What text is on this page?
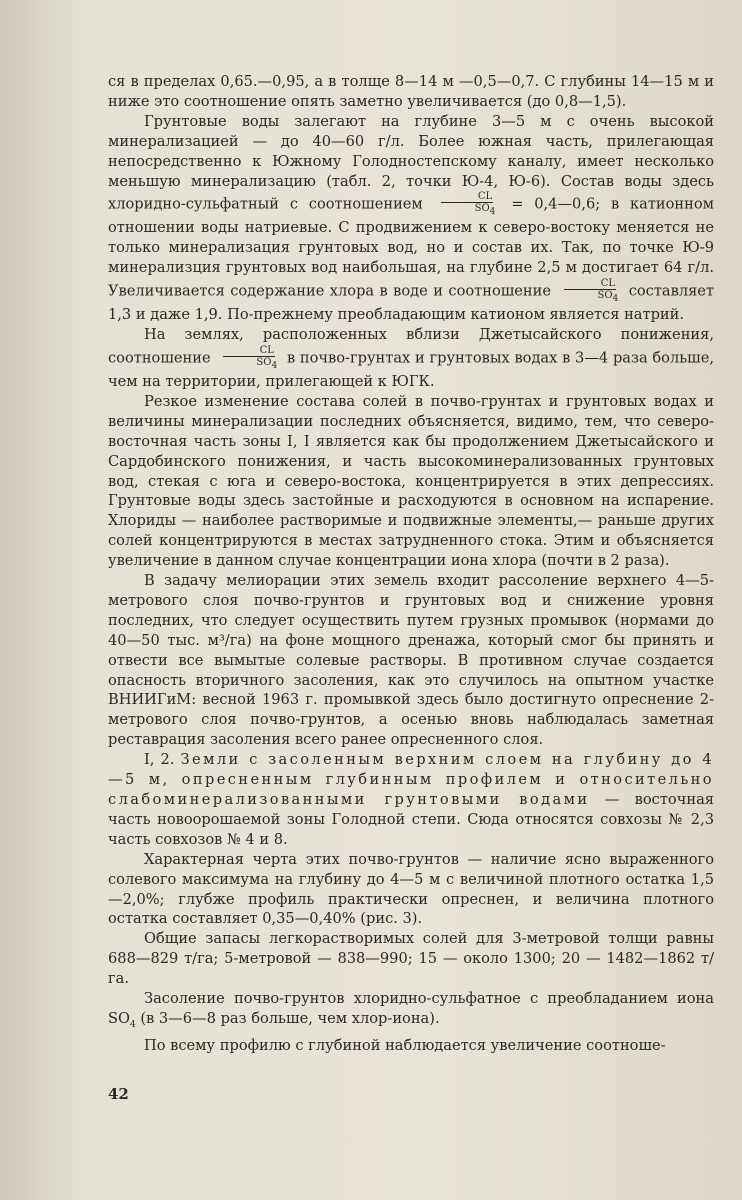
ся в пределах 0,65.—0,95, а в толще 8—14 м —0,5—0,7. С глубины 14—15 м и ниже это соотношение опять заметно увеличивается (до 0,8—1,5).

Грунтовые воды залегают на глубине 3—5 м с очень высокой минерализацией — до 40—60 г/л. Более южная часть, прилегающая непосредственно к Южному Голодностепскому каналу, имеет несколько меньшую минерализацию (табл. 2, точки Ю-4, Ю-6). Состав воды здесь хлоридно-сульфатный с соотношением $\frac{CL}{SO_4}$ = 0,4—0,6; в катионном отношении воды натриевые. С продвижением к северо-востоку меняется не только минерализация грунтовых вод, но и состав их. Так, по точке Ю-9 минерализция грунтовых вод наибольшая, на глубине 2,5 м достигает 64 г/л. Увеличивается содержание хлора в воде и соотношение $\frac{CL}{SO_4}$ составляет 1,3 и даже 1,9. По-прежнему преобладающим катионом является натрий.

На землях, расположенных вблизи Джетысайского понижения, соотношение $\frac{CL}{SO_4}$ в почво-грунтах и грунтовых водах в 3—4 раза больше, чем на территории, прилегающей к ЮГК.

Резкое изменение состава солей в почво-грунтах и грунтовых водах и величины минерализации последних объясняется, видимо, тем, что северо-восточная часть зоны I, I является как бы продолжением Джетысайского и Сардобинского понижения, и часть высокоминерализованных грунтовых вод, стекая с юга и северо-востока, концентрируется в этих депрессиях. Грунтовые воды здесь застойные и расходуются в основном на испарение. Хлориды — наиболее растворимые и подвижные элементы,— раньше других солей концентрируются в местах затрудненного стока. Этим и объясняется увеличение в данном случае концентрации иона хлора (почти в 2 раза).

В задачу мелиорации этих земель входит рассоление верхнего 4—5-метрового слоя почво-грунтов и грунтовых вод и снижение уровня последних, что следует осуществить путем грузных промывок (нормами до 40—50 тыс. м³/га) на фоне мощного дренажа, который смог бы принять и отвести все вымытые солевые растворы. В противном случае создается опасность вторичного засоления, как это случилось на опытном участке ВНИИГиМ: весной 1963 г. промывкой здесь было достигнуто опреснение 2-метрового слоя почво-грунтов, а осенью вновь наблюдалась заметная реставрация засоления всего ранее опресненного слоя.

I, 2. Земли с засоленным верхним слоем на глубину до 4—5 м, опресненным глубинным профилем и относительно слабоминерализованными грунтовыми водами — восточная часть новоорошаемой зоны Голодной степи. Сюда относятся совхозы № 2,3 часть совхозов № 4 и 8.

Характерная черта этих почво-грунтов — наличие ясно выраженного солевого максимума на глубину до 4—5 м с величиной плотного остатка 1,5—2,0%; глубже профиль практически опреснен, и величина плотного остатка составляет 0,35—0,40% (рис. 3).

Общие запасы легкорастворимых солей для 3-метровой толщи равны 688—829 т/га; 5-метровой — 838—990; 15 — около 1300; 20 — 1482—1862 т/га.

Засоление почво-грунтов хлоридно-сульфатное с преобладанием иона $SO_4$ (в 3—6—8 раз больше, чем хлор-иона).

По всему профилю с глубиной наблюдается увеличение соотноше-

42
